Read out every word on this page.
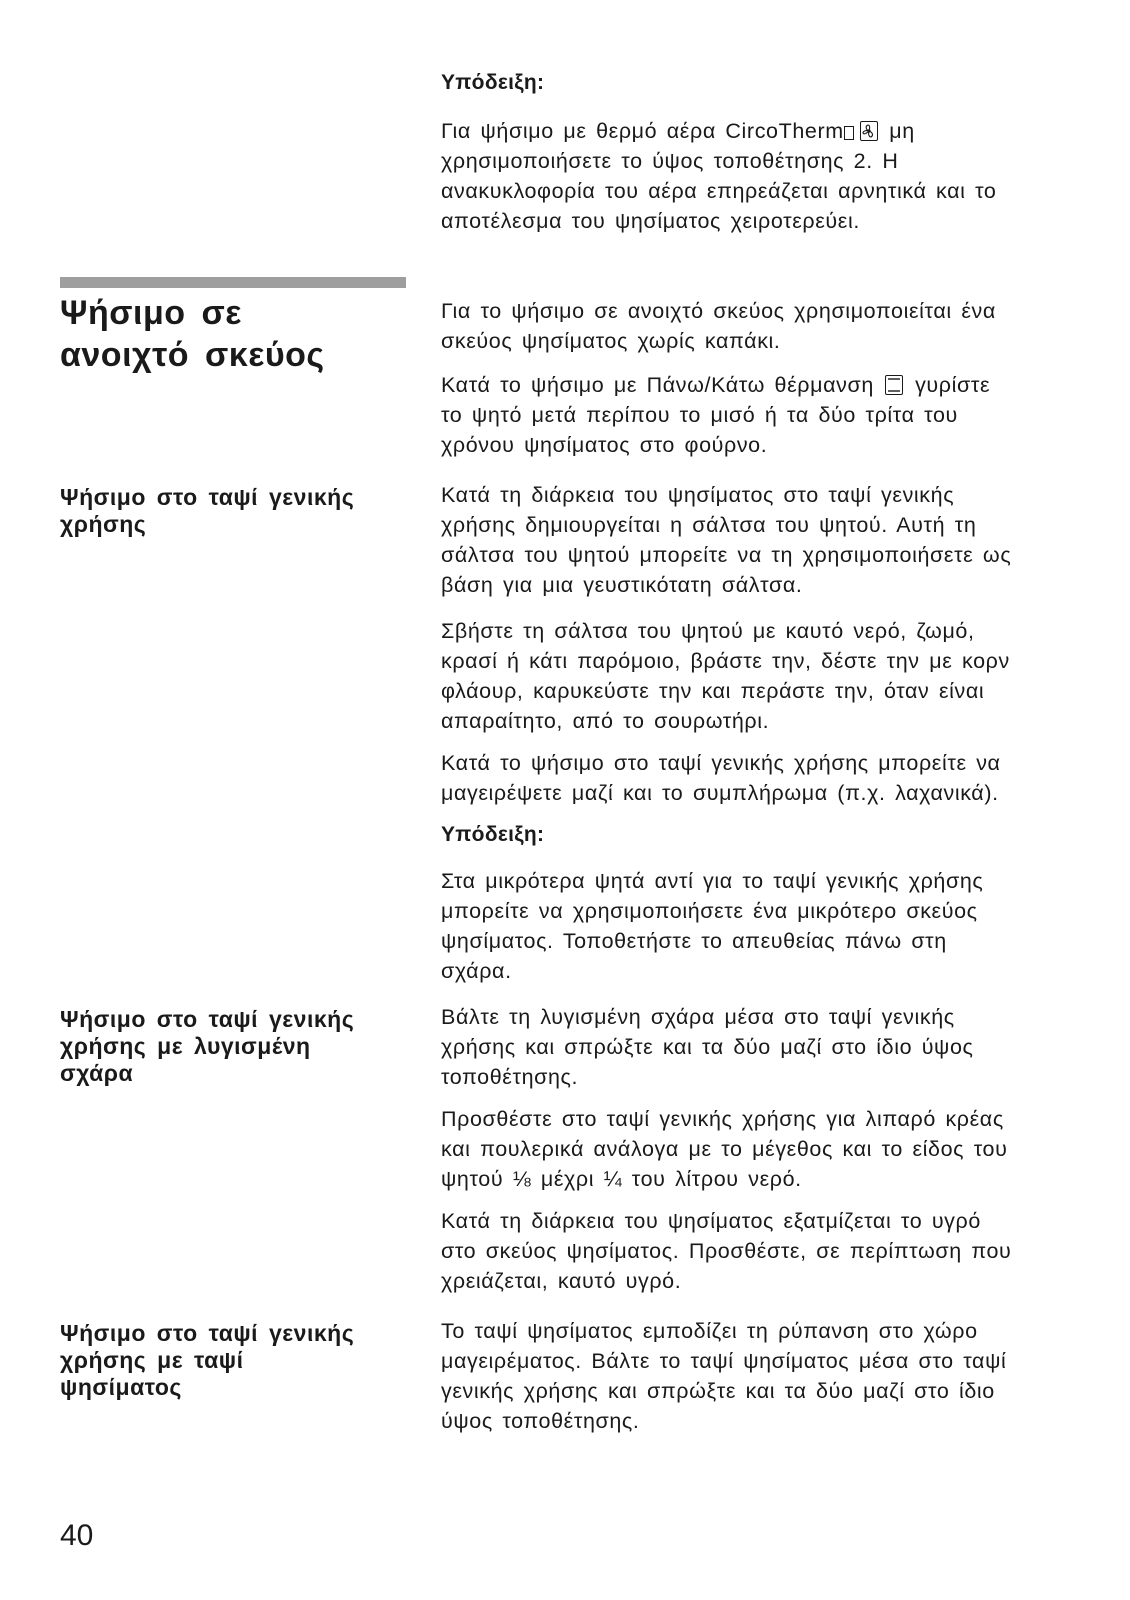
Υπόδειξη:
Για ψήσιμο με θερμό αέρα CircoTherm μη
χρησιμοποιήσετε το ύψος τοποθέτησης 2. Η
ανακυκλοφορία του αέρα επηρεάζεται αρνητικά και το
αποτέλεσμα του ψησίματος χειροτερεύει.
Ψήσιμο σε
ανοιχτό σκεύος
Για το ψήσιμο σε ανοιχτό σκεύος χρησιμοποιείται ένα
σκεύος ψησίματος χωρίς καπάκι.
Κατά το ψήσιμο με Πάνω/Κάτω θέρμανση γυρίστε
το ψητό μετά περίπου το μισό ή τα δύο τρίτα του
χρόνου ψησίματος στο φούρνο.
Ψήσιμο στο ταψί γενικής
χρήσης
Κατά τη διάρκεια του ψησίματος στο ταψί γενικής
χρήσης δημιουργείται η σάλτσα του ψητού. Αυτή τη
σάλτσα του ψητού μπορείτε να τη χρησιμοποιήσετε ως
βάση για μια γευστικότατη σάλτσα.
Σβήστε τη σάλτσα του ψητού με καυτό νερό, ζωμό,
κρασί ή κάτι παρόμοιο, βράστε την, δέστε την με κορν
φλάουρ, καρυκεύστε την και περάστε την, όταν είναι
απαραίτητο, από το σουρωτήρι.
Κατά το ψήσιμο στο ταψί γενικής χρήσης μπορείτε να
μαγειρέψετε μαζί και το συμπλήρωμα (π.χ. λαχανικά).
Υπόδειξη:
Στα μικρότερα ψητά αντί για το ταψί γενικής χρήσης
μπορείτε να χρησιμοποιήσετε ένα μικρότερο σκεύος
ψησίματος. Τοποθετήστε το απευθείας πάνω στη
σχάρα.
Ψήσιμο στο ταψί γενικής
χρήσης με λυγισμένη
σχάρα
Βάλτε τη λυγισμένη σχάρα μέσα στο ταψί γενικής
χρήσης και σπρώξτε και τα δύο μαζί στο ίδιο ύψος
τοποθέτησης.
Προσθέστε στο ταψί γενικής χρήσης για λιπαρό κρέας
και πουλερικά ανάλογα με το μέγεθος και το είδος του
ψητού ⅛ μέχρι ¼ του λίτρου νερό.
Κατά τη διάρκεια του ψησίματος εξατμίζεται το υγρό
στο σκεύος ψησίματος. Προσθέστε, σε περίπτωση που
χρειάζεται, καυτό υγρό.
Ψήσιμο στο ταψί γενικής
χρήσης με ταψί
ψησίματος
Το ταψί ψησίματος εμποδίζει τη ρύπανση στο χώρο
μαγειρέματος. Βάλτε το ταψί ψησίματος μέσα στο ταψί
γενικής χρήσης και σπρώξτε και τα δύο μαζί στο ίδιο
ύψος τοποθέτησης.
40
